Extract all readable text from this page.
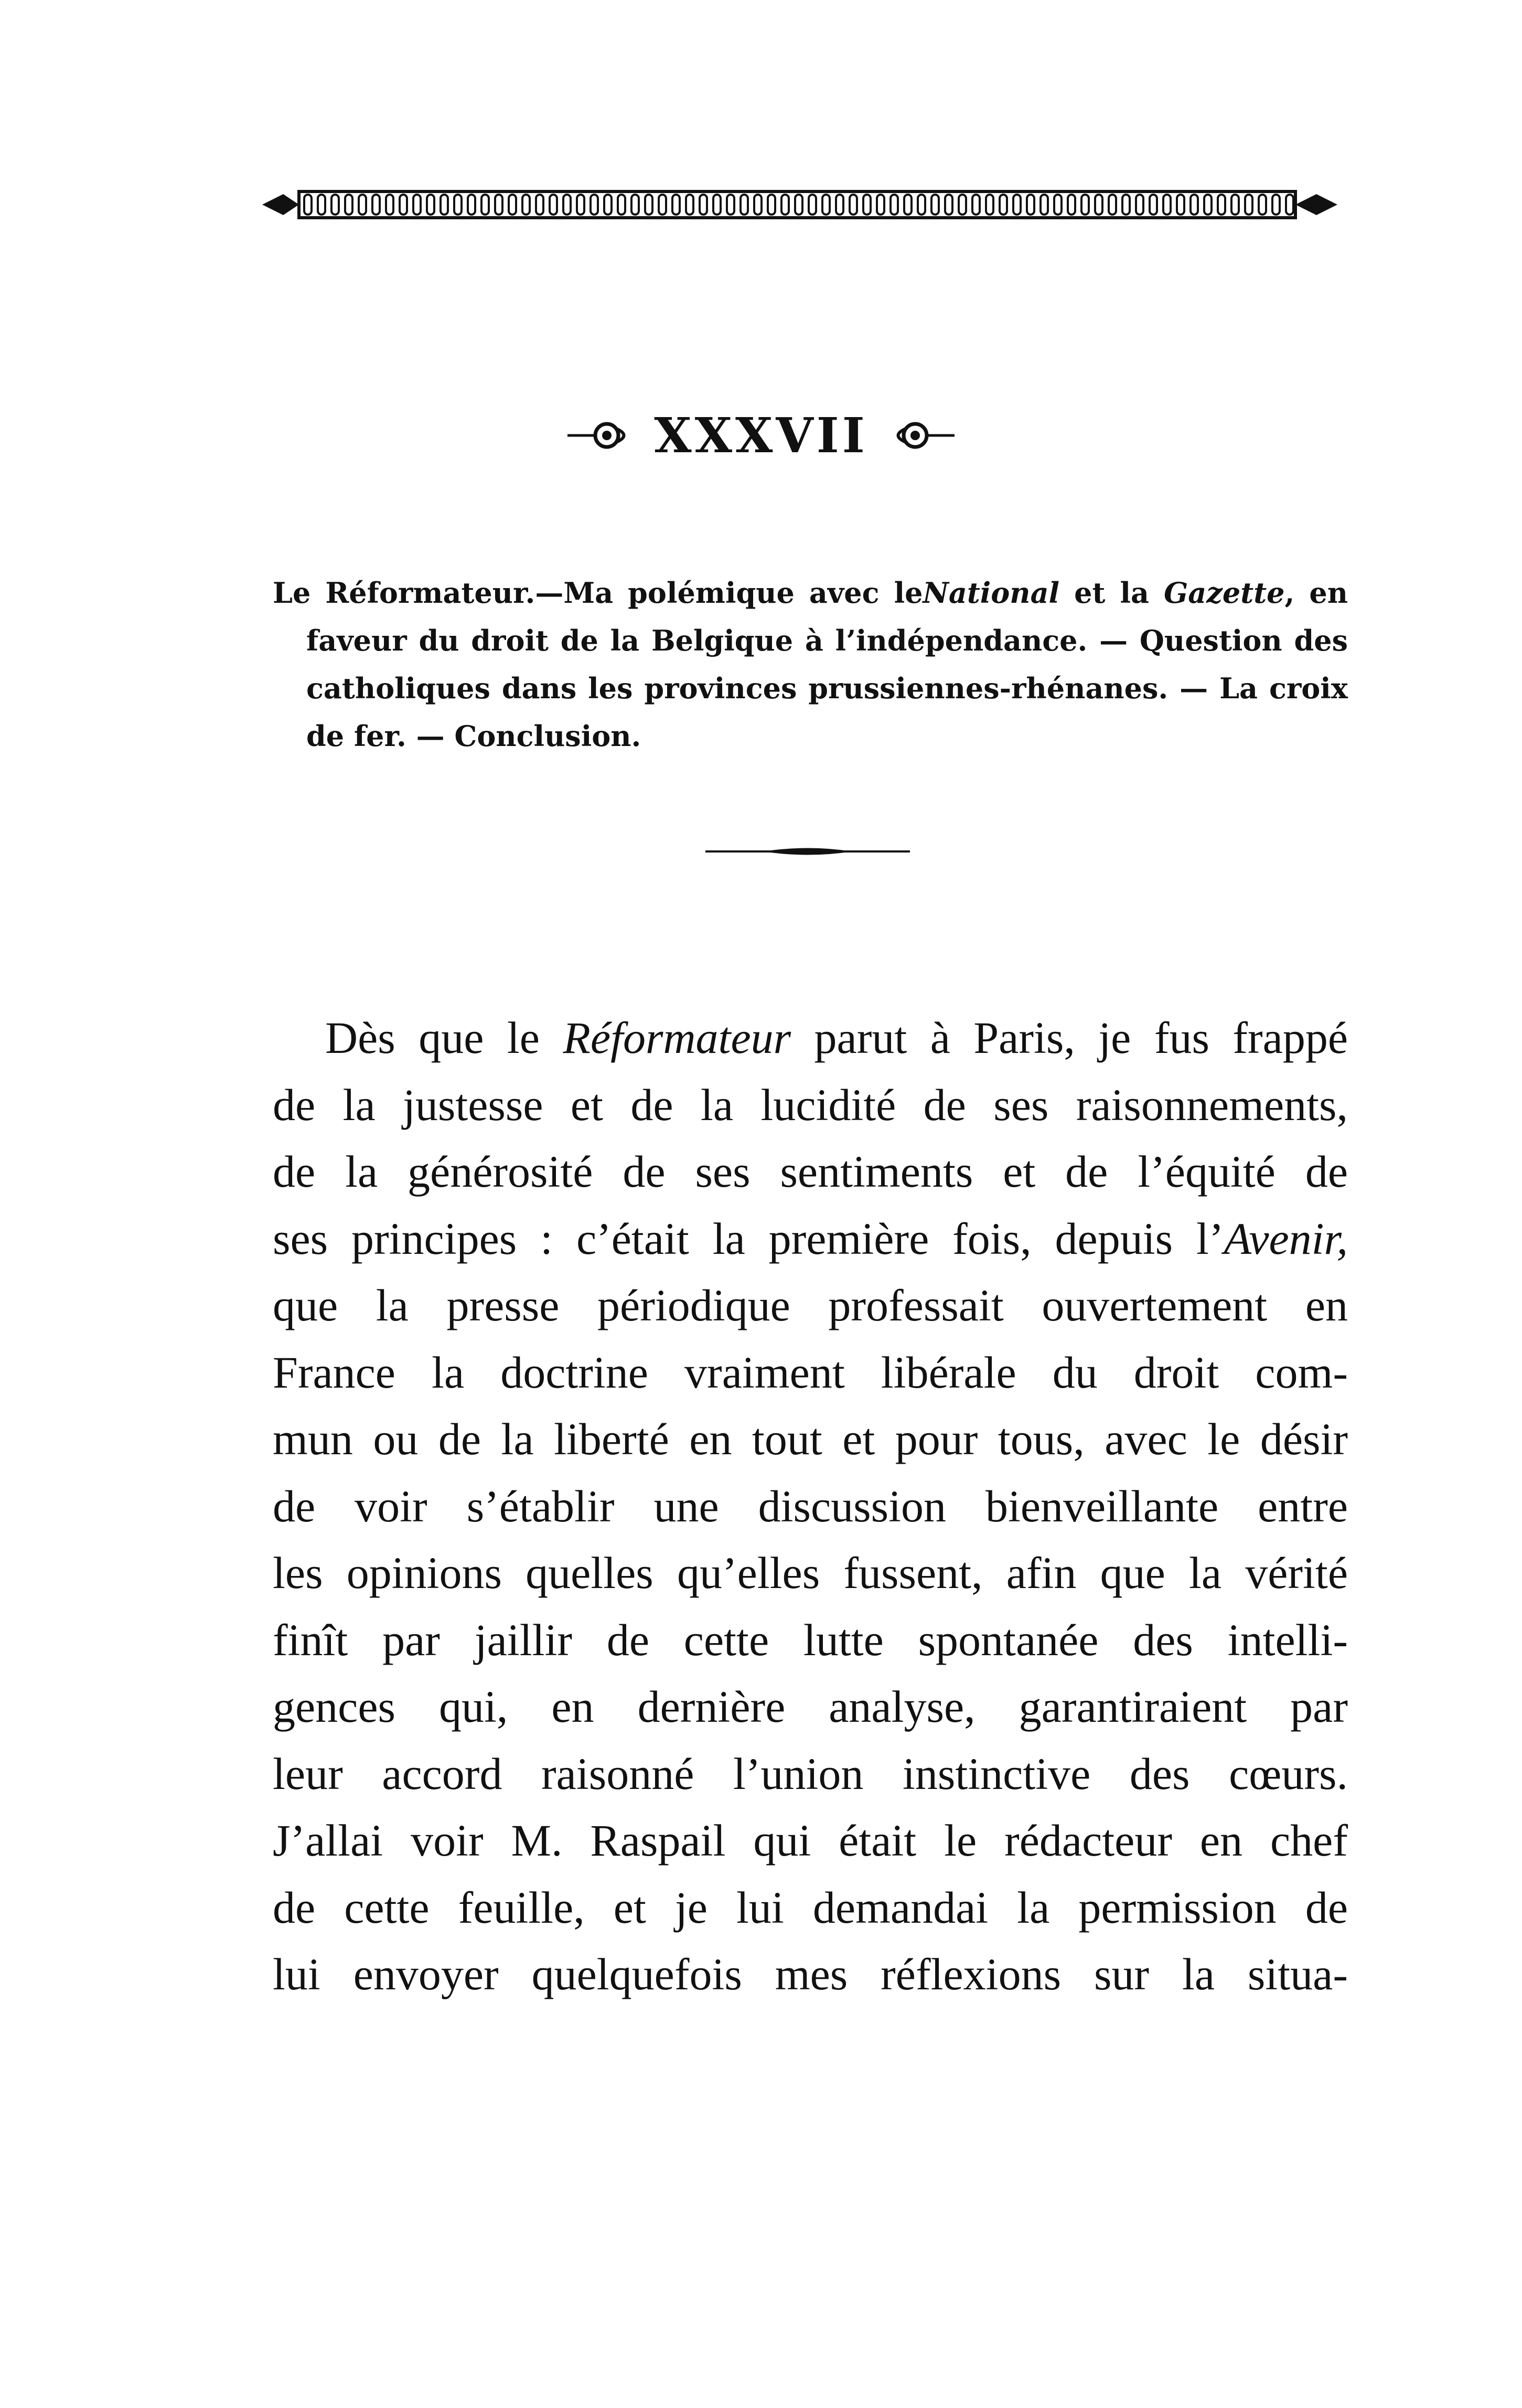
XXXVII
Le Réformateur.—Ma polémique avec leNational et la Gazette, en
faveur du droit de la Belgique à l’indépendance. — Question des
catholiques dans les provinces prussiennes-rhénanes. — La croix
de fer. — Conclusion.
Dès que le Réformateur parut à Paris, je fus frappé
de la justesse et de la lucidité de ses raisonnements,
de la générosité de ses sentiments et de l’équité de
ses principes : c’était la première fois, depuis l’Avenir,
que la presse périodique professait ouvertement en
France la doctrine vraiment libérale du droit com-
mun ou de la liberté en tout et pour tous, avec le désir
de voir s’établir une discussion bienveillante entre
les opinions quelles qu’elles fussent, afin que la vérité
finît par jaillir de cette lutte spontanée des intelli-
gences qui, en dernière analyse, garantiraient par
leur accord raisonné l’union instinctive des cœurs.
J’allai voir M. Raspail qui était le rédacteur en chef
de cette feuille, et je lui demandai la permission de
lui envoyer quelquefois mes réflexions sur la situa-
